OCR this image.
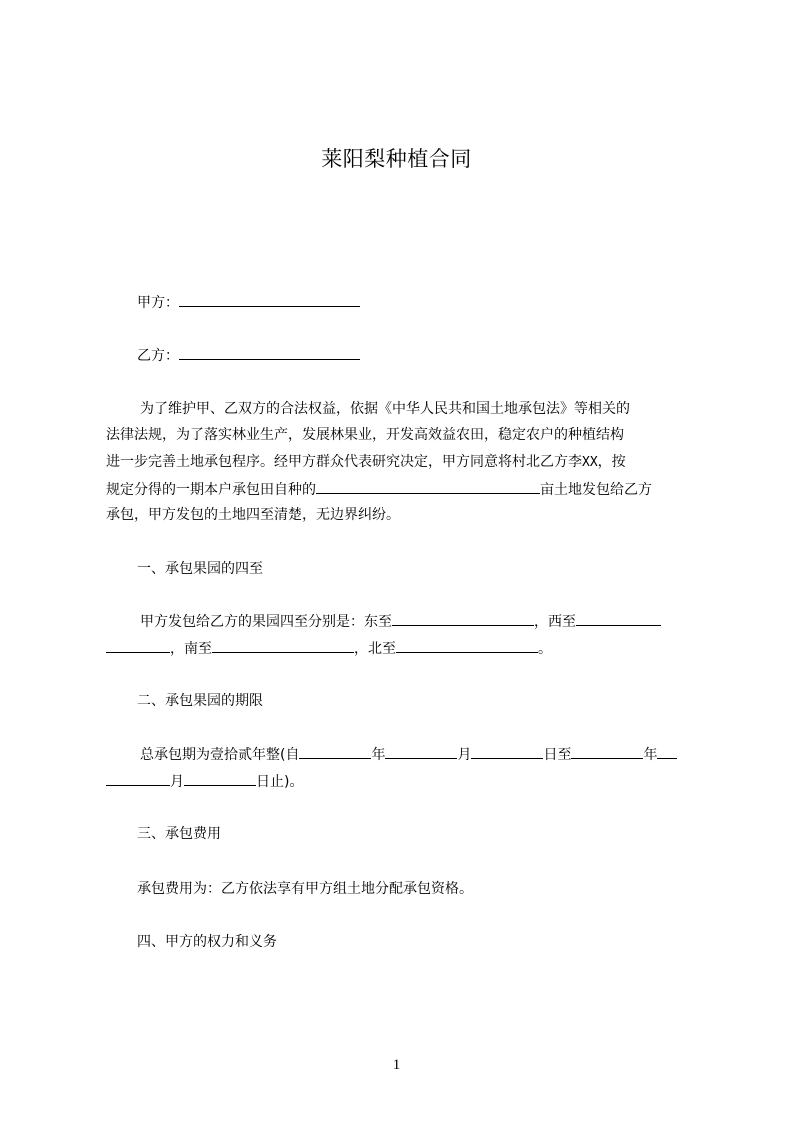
莱阳梨种植合同
甲方：
乙方：
为了维护甲、乙双方的合法权益，依据《中华人民共和国土地承包法》等相关的
法律法规，为了落实林业生产，发展林果业，开发高效益农田，稳定农户的种植结构
进一步完善土地承包程序。经甲方群众代表研究决定，甲方同意将村北乙方李XX，按
规定分得的一期本户承包田自种的	亩土地发包给乙方
承包，甲方发包的土地四至清楚，无边界纠纷。
一、承包果园的四至
甲方发包给乙方的果园四至分别是：东至	，西至
，南至	，北至	。
二、承包果园的期限
总承包期为壹拾贰年整(自	年	月	日至	年
月	日止)。
三、承包费用
承包费用为：乙方依法享有甲方组土地分配承包资格。
四、甲方的权力和义务
1
